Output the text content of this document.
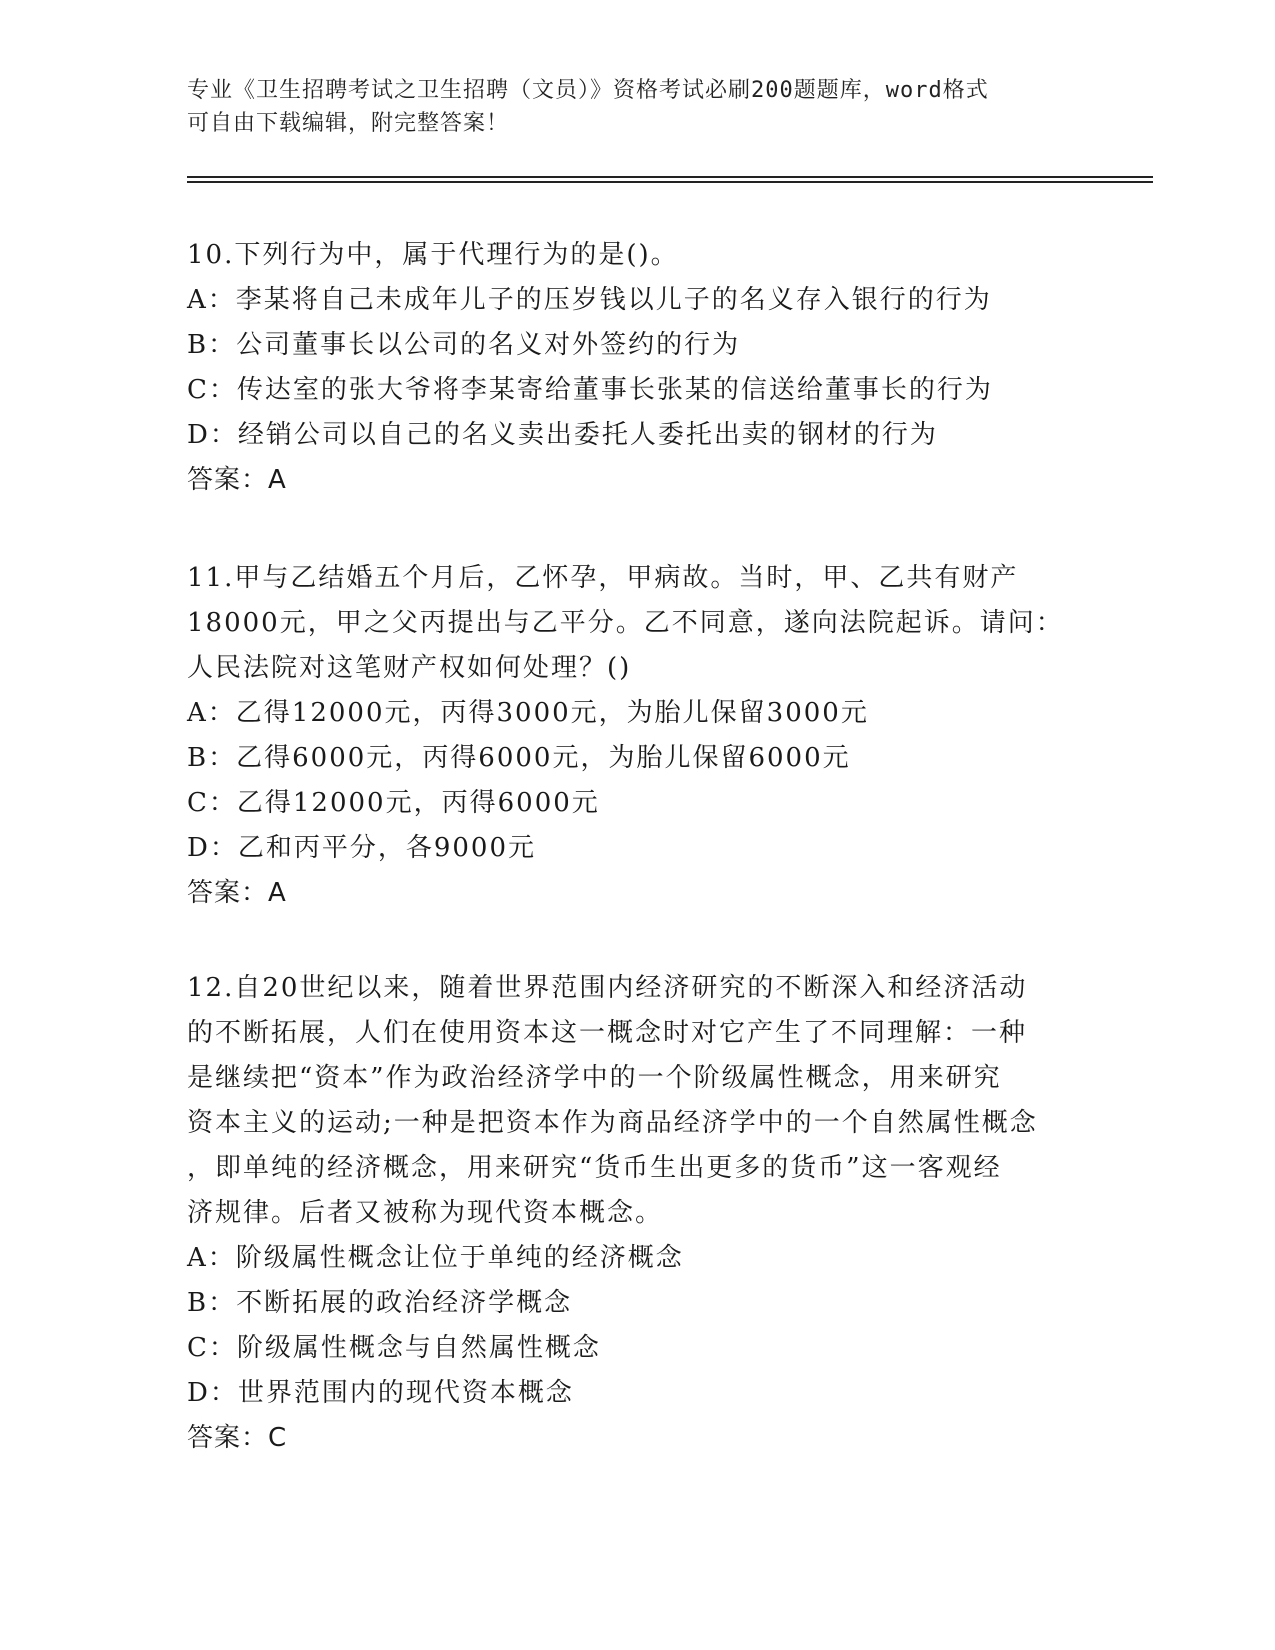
专业《卫生招聘考试之卫生招聘（文员）》资格考试必刷200题题库，word格式
可自由下载编辑，附完整答案！
10.下列行为中，属于代理行为的是()。
A：李某将自己未成年儿子的压岁钱以儿子的名义存入银行的行为
B：公司董事长以公司的名义对外签约的行为
C：传达室的张大爷将李某寄给董事长张某的信送给董事长的行为
D：经销公司以自己的名义卖出委托人委托出卖的钢材的行为
答案：A
11.甲与乙结婚五个月后，乙怀孕，甲病故。当时，甲、乙共有财产
18000元，甲之父丙提出与乙平分。乙不同意，遂向法院起诉。请问：
人民法院对这笔财产权如何处理？()
A：乙得12000元，丙得3000元，为胎儿保留3000元
B：乙得6000元，丙得6000元，为胎儿保留6000元
C：乙得12000元，丙得6000元
D：乙和丙平分，各9000元
答案：A
12.自20世纪以来，随着世界范围内经济研究的不断深入和经济活动
的不断拓展，人们在使用资本这一概念时对它产生了不同理解：一种
是继续把“资本”作为政治经济学中的一个阶级属性概念，用来研究
资本主义的运动;一种是把资本作为商品经济学中的一个自然属性概念
，即单纯的经济概念，用来研究“货币生出更多的货币”这一客观经
济规律。后者又被称为现代资本概念。
A：阶级属性概念让位于单纯的经济概念
B：不断拓展的政治经济学概念
C：阶级属性概念与自然属性概念
D：世界范围内的现代资本概念
答案：C
